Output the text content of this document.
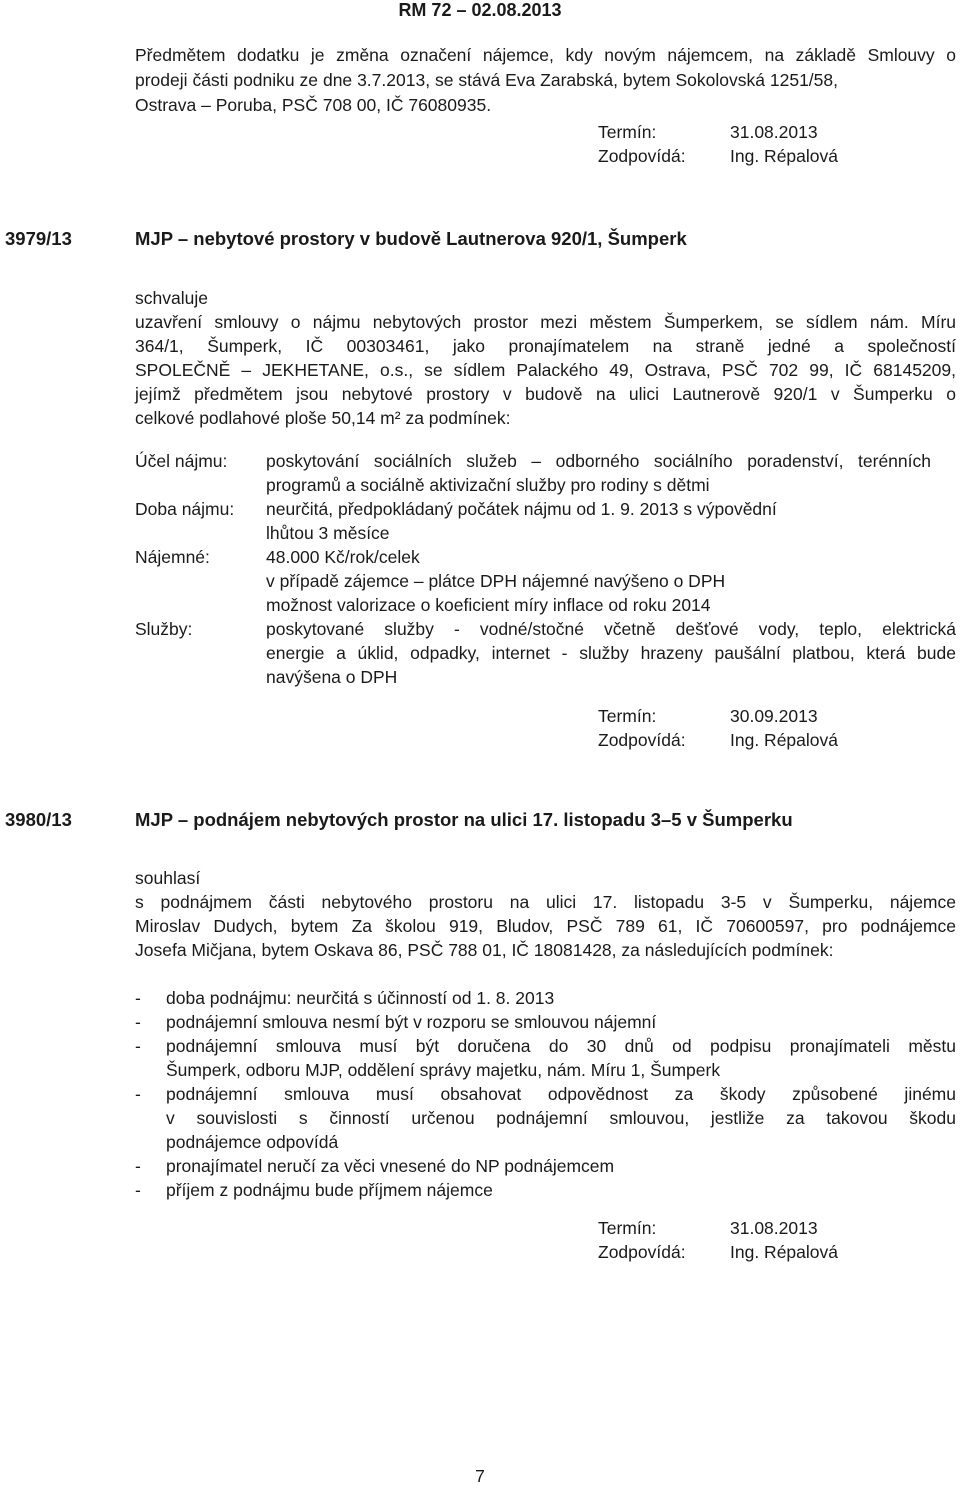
RM 72 – 02.08.2013
Předmětem dodatku je změna označení nájemce, kdy novým nájemcem, na základě Smlouvy o
prodeji části podniku ze dne 3.7.2013, se stává Eva Zarabská, bytem Sokolovská 1251/58,
Ostrava – Poruba, PSČ 708 00, IČ 76080935.
Termín:	31.08.2013
Zodpovídá:	Ing. Répalová
3979/13	MJP – nebytové prostory v budově Lautnerova 920/1, Šumperk
schvaluje
uzavření smlouvy o nájmu nebytových prostor mezi městem Šumperkem, se sídlem nám. Míru
364/1, Šumperk, IČ 00303461, jako pronajímatelem na straně jedné a společností
SPOLEČNĚ – JEKHETANE, o.s., se sídlem Palackého 49, Ostrava, PSČ 702 99, IČ 68145209,
jejímž předmětem jsou nebytové prostory v budově na ulici Lautnerově 920/1 v Šumperku o
celkové podlahové ploše 50,14 m² za podmínek:
Účel nájmu: poskytování sociálních služeb – odborného sociálního poradenství, terénních
programů a sociálně aktivizační služby pro rodiny s dětmi
Doba nájmu: neurčitá, předpokládaný počátek nájmu od 1. 9. 2013 s výpovědní
lhůtou 3 měsíce
Nájemné:	48.000 Kč/rok/celek
v případě zájemce – plátce DPH nájemné navýšeno o DPH
možnost valorizace o koeficient míry inflace od roku 2014
Služby:	poskytované služby - vodné/stočné včetně dešťové vody, teplo, elektrická
energie a úklid, odpadky, internet - služby hrazeny paušální platbou, která bude
navýšena o DPH
Termín:	30.09.2013
Zodpovídá:	Ing. Répalová
3980/13	MJP – podnájem nebytových prostor na ulici 17. listopadu 3–5 v Šumperku
souhlasí
s podnájmem části nebytového prostoru na ulici 17. listopadu 3-5 v Šumperku, nájemce
Miroslav Dudych, bytem Za školou 919, Bludov, PSČ 789 61, IČ 70600597, pro podnájemce
Josefa Mičjana, bytem Oskava 86, PSČ 788 01, IČ 18081428, za následujících podmínek:
- doba podnájmu: neurčitá s účinností od 1. 8. 2013
- podnájemní smlouva nesmí být v rozporu se smlouvou nájemní
- podnájemní smlouva musí být doručena do 30 dnů od podpisu pronajímateli městu
Šumperk, odboru MJP, oddělení správy majetku, nám. Míru 1, Šumperk
- podnájemní smlouva musí obsahovat odpovědnost za škody způsobené jinému
v souvislosti s činností určenou podnájemní smlouvou, jestliže za takovou škodu
podnájemce odpovídá
- pronajímatel neručí za věci vnesené do NP podnájemcem
- příjem z podnájmu bude příjmem nájemce
Termín:	31.08.2013
Zodpovídá:	Ing. Répalová
7
